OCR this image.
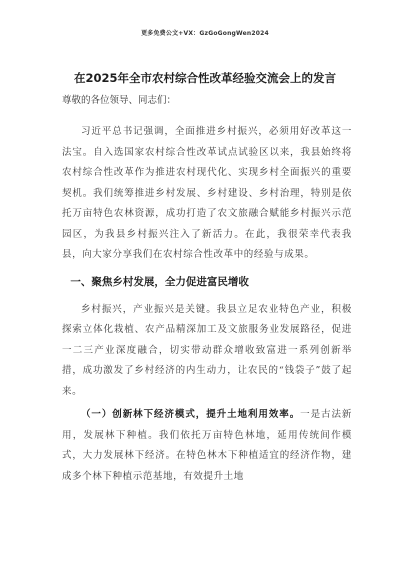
更多免费公文+VX：GzGoGongWen2024
在2025年全市农村综合性改革经验交流会上的发言
尊敬的各位领导、同志们：

习近平总书记强调，全面推进乡村振兴，必须用好改革这一法宝。自入选国家农村综合性改革试点试验区以来，我县始终将农村综合性改革作为推进农村现代化、实现乡村全面振兴的重要契机。我们统筹推进乡村发展、乡村建设、乡村治理，特别是依托万亩特色农林资源，成功打造了农文旅融合赋能乡村振兴示范园区，为我县乡村振兴注入了新活力。在此，我很荣幸代表我县，向大家分享我们在农村综合性改革中的经验与成果。

一、聚焦乡村发展，全力促进富民增收

乡村振兴，产业振兴是关键。我县立足农业特色产业，积极探索立体化栽植、农产品精深加工及文旅服务业发展路径，促进一二三产业深度融合，切实带动群众增收致富进一系列创新举措，成功激发了乡村经济的内生动力，让农民的“钱袋子”鼓了起来。

（一）创新林下经济模式，提升土地利用效率。一是古法新用，发展林下种植。我们依托万亩特色林地，延用传统间作模式，大力发展林下经济。在特色林木下种植适宜的经济作物，建成多个林下种植示范基地，有效提升土地
